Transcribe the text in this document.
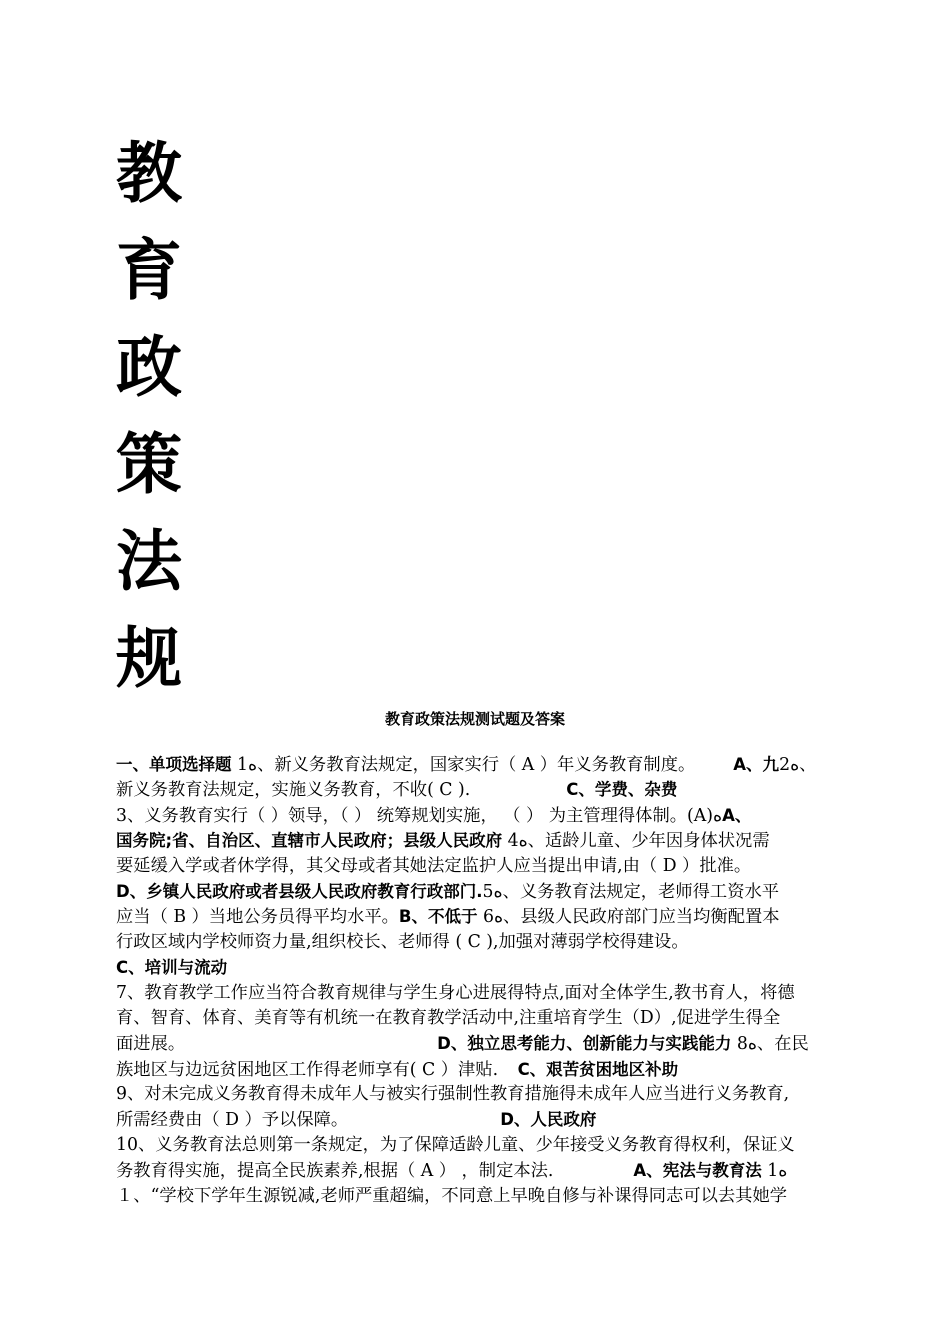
教
育
政
策
法
规
教育政策法规测试题及答案
一、单项选择题 1ﻩ、新义务教育法规定，国家实行（ A ）年义务教育制度。 A、九2ﻩ、
新义务教育法规定，实施义务教育，不收( C ).	C、学费、杂费
3、义务教育实行（ ）领导，（ ） 统筹规划实施， （ ） 为主管理得体制。(A)ﻩA、
国务院;省、自治区、直辖市人民政府；县级人民政府 4ﻩ、适龄儿童、少年因身体状况需
要延缓入学或者休学得，其父母或者其她法定监护人应当提出申请,由（ D ）批准。
D、乡镇人民政府或者县级人民政府教育行政部门.5ﻩ、义务教育法规定，老师得工资水平
应当（ B ）当地公务员得平均水平。B、不低于 6ﻩ、县级人民政府部门应当均衡配置本
行政区域内学校师资力量,组织校长、老师得 ( C ),加强对薄弱学校得建设。
C、培训与流动
7、教育教学工作应当符合教育规律与学生身心进展得特点,面对全体学生,教书育人，将德
育、智育、体育、美育等有机统一在教育教学活动中,注重培育学生（D）,促进学生得全
面进展。	D、独立思考能力、创新能力与实践能力 8ﻩ、在民
族地区与边远贫困地区工作得老师享有( C ）津贴. C、艰苦贫困地区补助
9、对未完成义务教育得未成年人与被实行强制性教育措施得未成年人应当进行义务教育,
所需经费由（ D ）予以保障。	D、人民政府
10、义务教育法总则第一条规定，为了保障适龄儿童、少年接受义务教育得权利，保证义
务教育得实施，提高全民族素养,根据（ A ） ，制定本法.	A、宪法与教育法 1ﻩ
１、“学校下学年生源锐减,老师严重超编，不同意上早晚自修与补课得同志可以去其她学
